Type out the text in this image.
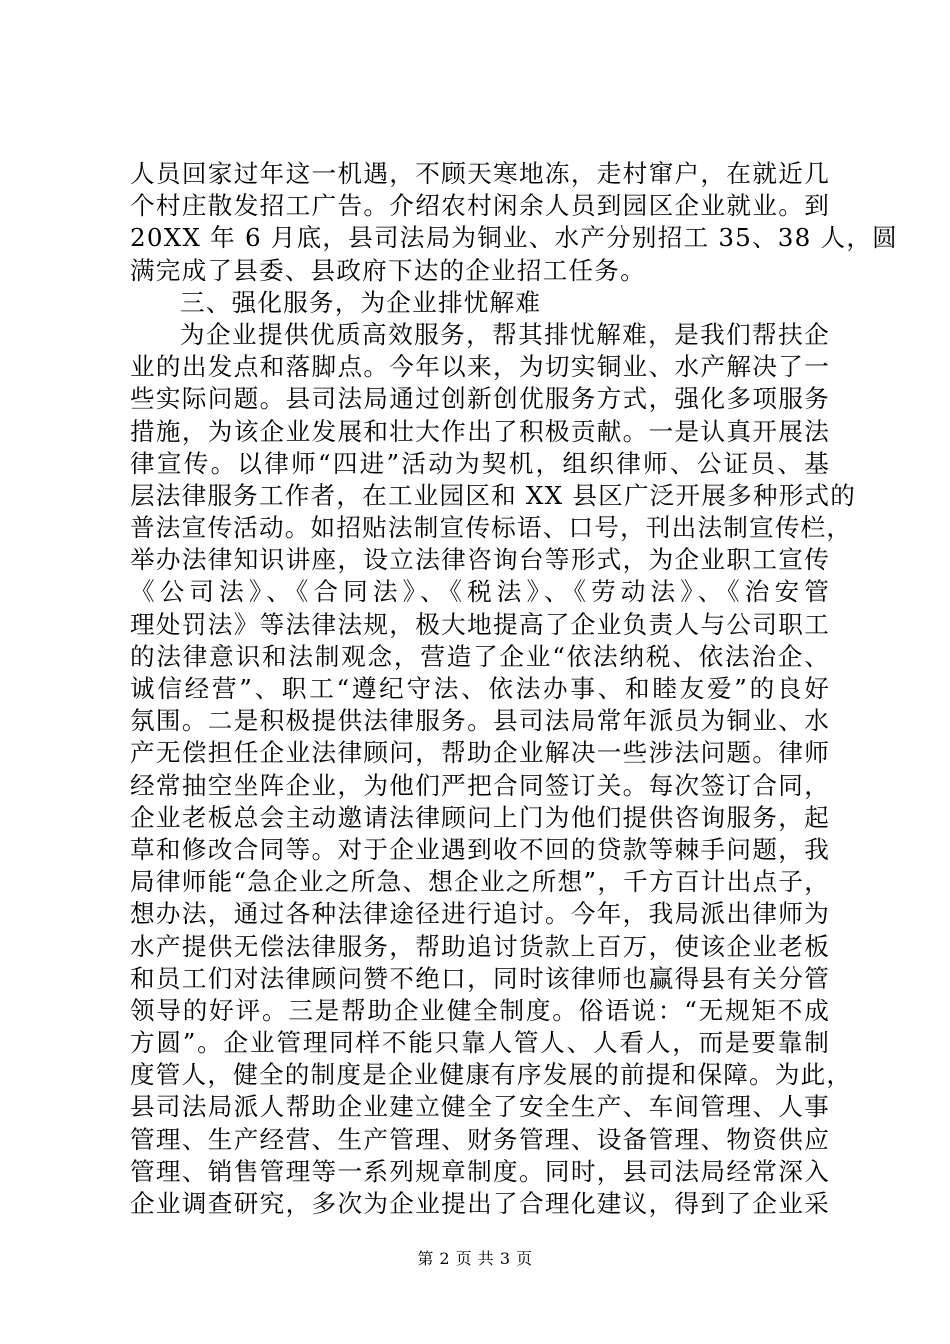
人员回家过年这一机遇，不顾天寒地冻，走村窜户，在就近几
个村庄散发招工广告。介绍农村闲余人员到园区企业就业。到
20XX 年 6 月底，县司法局为铜业、水产分别招工 35、38 人，圆
满完成了县委、县政府下达的企业招工任务。
三、强化服务，为企业排忧解难
为企业提供优质高效服务，帮其排忧解难，是我们帮扶企
业的出发点和落脚点。今年以来，为切实铜业、水产解决了一
些实际问题。县司法局通过创新创优服务方式，强化多项服务
措施，为该企业发展和壮大作出了积极贡献。一是认真开展法
律宣传。以律师“四进”活动为契机，组织律师、公证员、基
层法律服务工作者，在工业园区和 XX 县区广泛开展多种形式的
普法宣传活动。如招贴法制宣传标语、口号，刊出法制宣传栏，
举办法律知识讲座，设立法律咨询台等形式，为企业职工宣传
《公司法》、《合同法》、《税法》、《劳动法》、《治安管
理处罚法》等法律法规，极大地提高了企业负责人与公司职工
的法律意识和法制观念，营造了企业“依法纳税、依法治企、
诚信经营”、职工“遵纪守法、依法办事、和睦友爱”的良好
氛围。二是积极提供法律服务。县司法局常年派员为铜业、水
产无偿担任企业法律顾问，帮助企业解决一些涉法问题。律师
经常抽空坐阵企业，为他们严把合同签订关。每次签订合同，
企业老板总会主动邀请法律顾问上门为他们提供咨询服务，起
草和修改合同等。对于企业遇到收不回的贷款等棘手问题，我
局律师能“急企业之所急、想企业之所想”，千方百计出点子，
想办法，通过各种法律途径进行追讨。今年，我局派出律师为
水产提供无偿法律服务，帮助追讨货款上百万，使该企业老板
和员工们对法律顾问赞不绝口，同时该律师也赢得县有关分管
领导的好评。三是帮助企业健全制度。俗语说：“无规矩不成
方圆”。企业管理同样不能只靠人管人、人看人，而是要靠制
度管人，健全的制度是企业健康有序发展的前提和保障。为此，
县司法局派人帮助企业建立健全了安全生产、车间管理、人事
管理、生产经营、生产管理、财务管理、设备管理、物资供应
管理、销售管理等一系列规章制度。同时，县司法局经常深入
企业调查研究，多次为企业提出了合理化建议，得到了企业采
第 2 页 共 3 页
